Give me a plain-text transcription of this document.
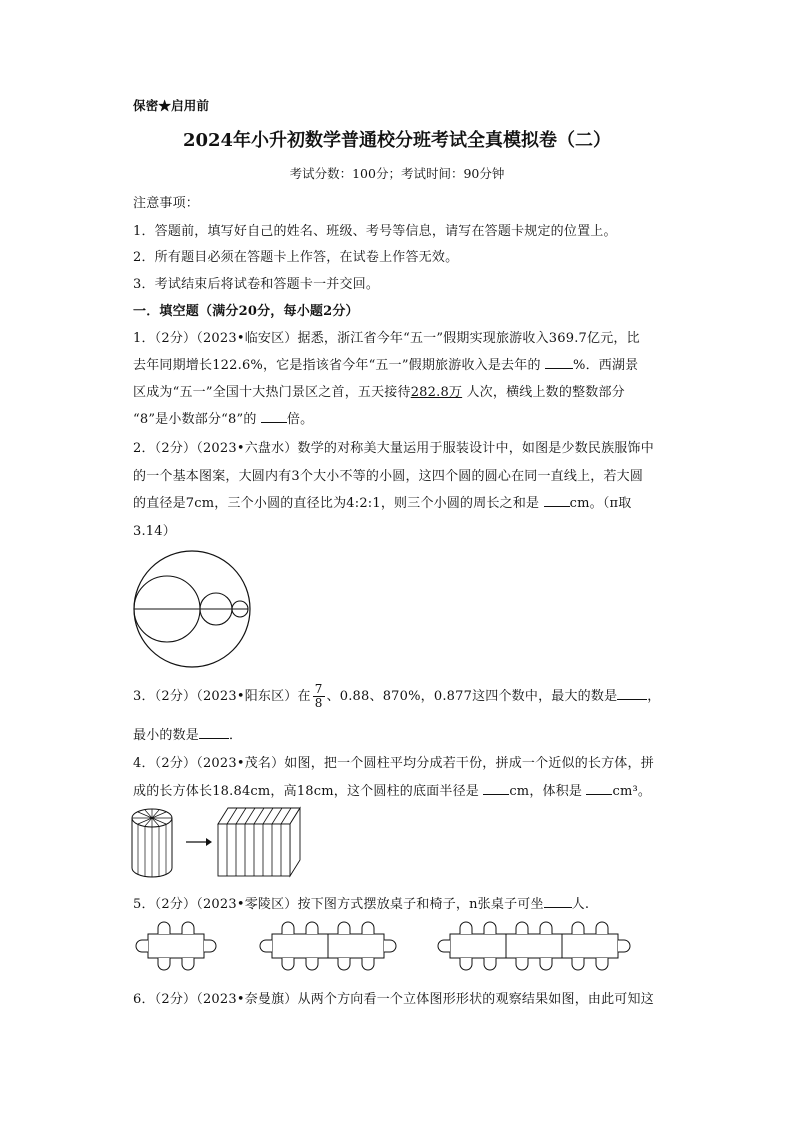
保密★启用前
2024年小升初数学普通校分班考试全真模拟卷（二）
考试分数：100分；考试时间：90分钟
注意事项：
1．答题前，填写好自己的姓名、班级、考号等信息，请写在答题卡规定的位置上。
2．所有题目必须在答题卡上作答，在试卷上作答无效。
3．考试结束后将试卷和答题卡一并交回。
一．填空题（满分20分，每小题2分）
1．（2分）（2023•临安区）据悉，浙江省今年“五一”假期实现旅游收入369.7亿元，比
去年同期增长122.6%，它是指该省今年“五一”假期旅游收入是去年的 %．西湖景
区成为“五一”全国十大热门景区之首，五天接待282.8万 人次，横线上数的整数部分
“8”是小数部分“8”的 倍。
2．（2分）（2023•六盘水）数学的对称美大量运用于服装设计中，如图是少数民族服饰中
的一个基本图案，大圆内有3个大小不等的小圆，这四个圆的圆心在同一直线上，若大圆
的直径是7cm，三个小圆的直径比为4:2:1，则三个小圆的周长之和是 cm。（π取
3.14）
3．（2分）（2023•阳东区）在 $\frac{7}{8}$ 、0.88、870%，0.877这四个数中，最大的数是 ，
最小的数是 ．
4．（2分）（2023•茂名）如图，把一个圆柱平均分成若干份，拼成一个近似的长方体，拼
成的长方体长18.84cm，高18cm，这个圆柱的底面半径是 cm，体积是 cm³。
5．（2分）（2023•零陵区）按下图方式摆放桌子和椅子，n张桌子可坐 人.
6．（2分）（2023•奈曼旗）从两个方向看一个立体图形形状的观察结果如图，由此可知这
